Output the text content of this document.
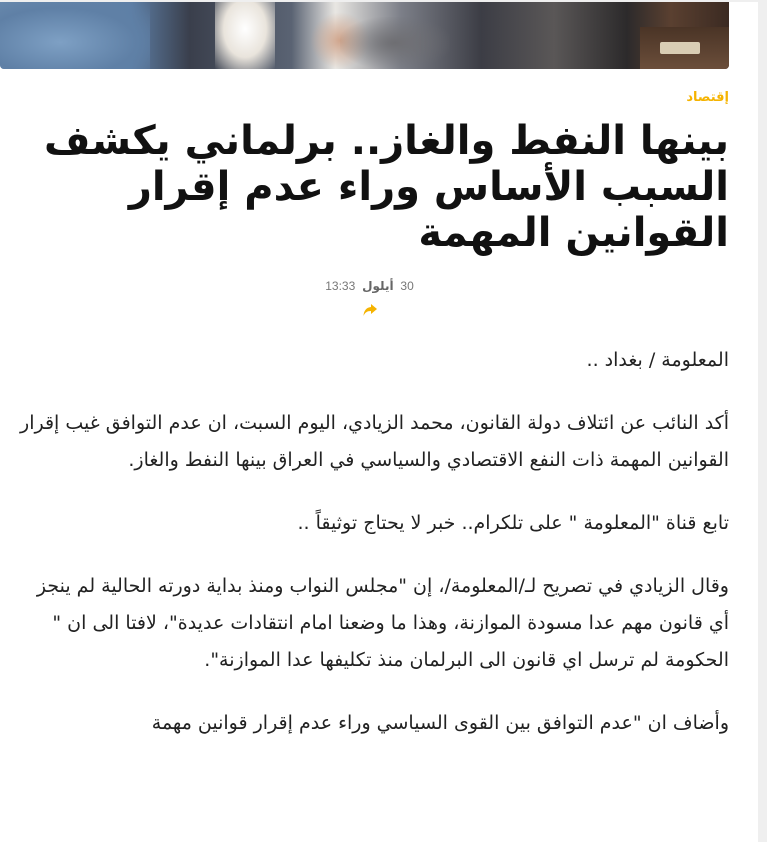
إقتصاد
بينها النفط والغاز.. برلماني يكشف السبب الأساس وراء عدم إقرار القوانين المهمة
30 أيلول 13:33

المعلومة / بغداد ..

أكد النائب عن ائتلاف دولة القانون، محمد الزيادي، اليوم السبت، ان عدم التوافق غيب إقرار القوانين المهمة ذات النفع الاقتصادي والسياسي في العراق بينها النفط والغاز.

تابع قناة "المعلومة " على تلكرام.. خبر لا يحتاج توثيقاً ..

وقال الزيادي في تصريح لـ/المعلومة/، إن "مجلس النواب ومنذ بداية دورته الحالية لم ينجز أي قانون مهم عدا مسودة الموازنة، وهذا ما وضعنا امام انتقادات عديدة"، لافتا الى ان " الحكومة لم ترسل اي قانون الى البرلمان منذ تكليفها عدا الموازنة".

وأضاف ان "عدم التوافق بين القوى السياسي وراء عدم إقرار قوانين مهمة
